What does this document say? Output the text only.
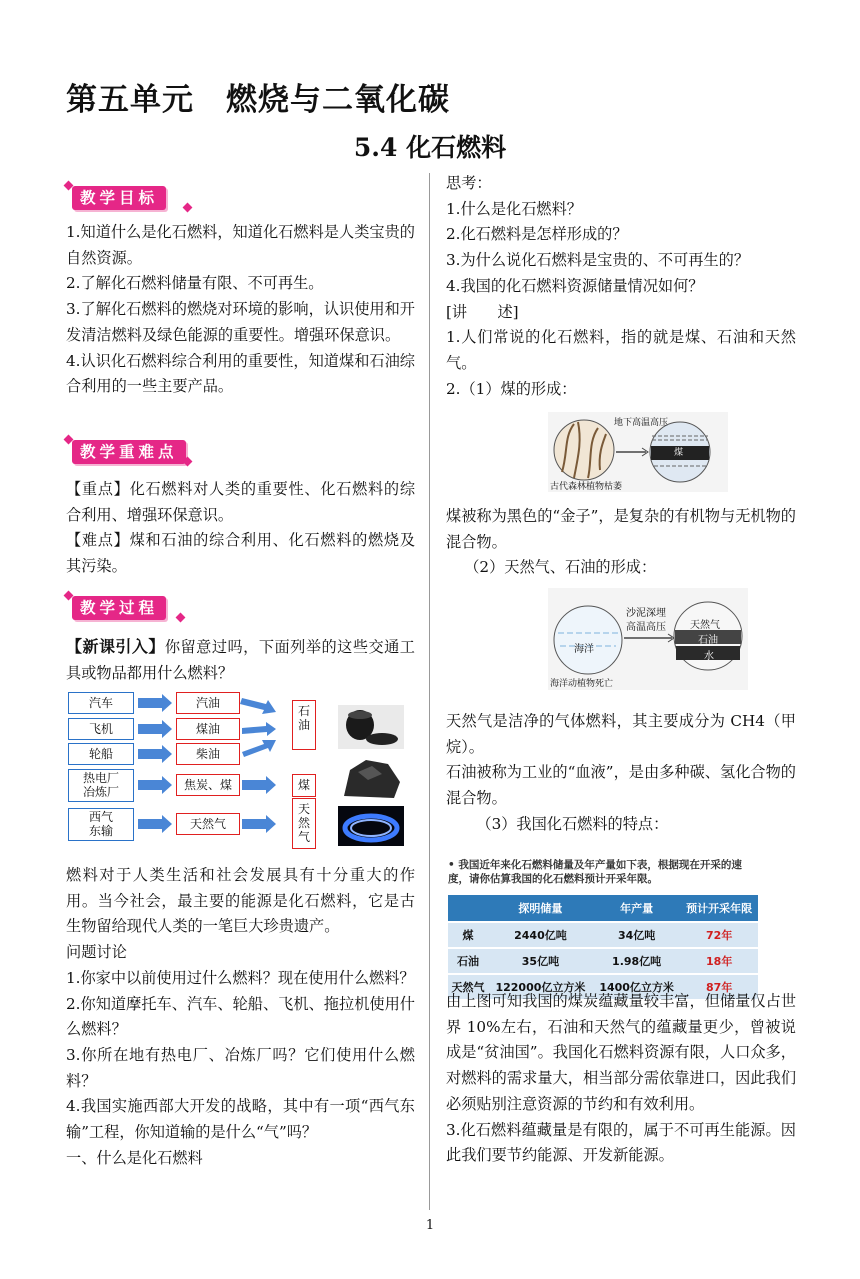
第五单元　燃烧与二氧化碳
5.4 化石燃料
教学目标

1.知道什么是化石燃料，知道化石燃料是人类宝贵的自然资源。

2.了解化石燃料储量有限、不可再生。

3.了解化石燃料的燃烧对环境的影响，认识使用和开发清洁燃料及绿色能源的重要性。增强环保意识。

4.认识化石燃料综合利用的重要性，知道煤和石油综合利用的一些主要产品。

教学重难点

【重点】化石燃料对人类的重要性、化石燃料的综合利用、增强环保意识。

【难点】煤和石油的综合利用、化石燃料的燃烧及其污染。

教学过程

【新课引入】你留意过吗，下面列举的这些交通工具或物品都用什么燃料？

汽车
飞机
轮船
热电厂
冶炼厂
西气
东输
汽油
煤油
柴油
焦炭、煤
天然气
石
油
煤
天
然
气

燃料对于人类生活和社会发展具有十分重大的作用。当今社会，最主要的能源是化石燃料，它是古生物留给现代人类的一笔巨大珍贵遗产。

问题讨论

1.你家中以前使用过什么燃料？现在使用什么燃料？

2.你知道摩托车、汽车、轮船、飞机、拖拉机使用什么燃料？

3.你所在地有热电厂、冶炼厂吗？它们使用什么燃料？

4.我国实施西部大开发的战略，其中有一项“西气东输”工程，你知道输的是什么“气”吗？

一、什么是化石燃料

思考：

1.什么是化石燃料？

2.化石燃料是怎样形成的？

3.为什么说化石燃料是宝贵的、不可再生的？

4.我国的化石燃料资源储量情况如何？

[讲　　述]

1.人们常说的化石燃料，指的就是煤、石油和天然气。

2.（1）煤的形成：

地下高温高压
煤
古代森林植物枯萎

煤被称为黑色的“金子”，是复杂的有机物与无机物的混合物。

（2）天然气、石油的形成：

海洋
沙泥深埋
高温高压 天然气
石油
水
海洋动植物死亡

天然气是洁净的气体燃料，其主要成分为 CH4（甲烷）。

石油被称为工业的“血液”，是由多种碳、氢化合物的混合物。

（3）我国化石燃料的特点：

• 我国近年来化石燃料储量及年产量如下表，根据现在开采的速度，请你估算我国的化石燃料预计开采年限。
	探明储量	年产量	预计开采年限
煤	2440亿吨	34亿吨	72年
石油	35亿吨	1.98亿吨	18年
天然气	122000亿立方米	1400亿立方米	87年

由上图可知我国的煤炭蕴藏量较丰富，但储量仅占世界 10%左右，石油和天然气的蕴藏量更少，曾被说成是“贫油国”。我国化石燃料资源有限，人口众多，对燃料的需求量大，相当部分需依靠进口，因此我们必须贴别注意资源的节约和有效利用。

3.化石燃料蕴藏量是有限的，属于不可再生能源。因此我们要节约能源、开发新能源。

1
